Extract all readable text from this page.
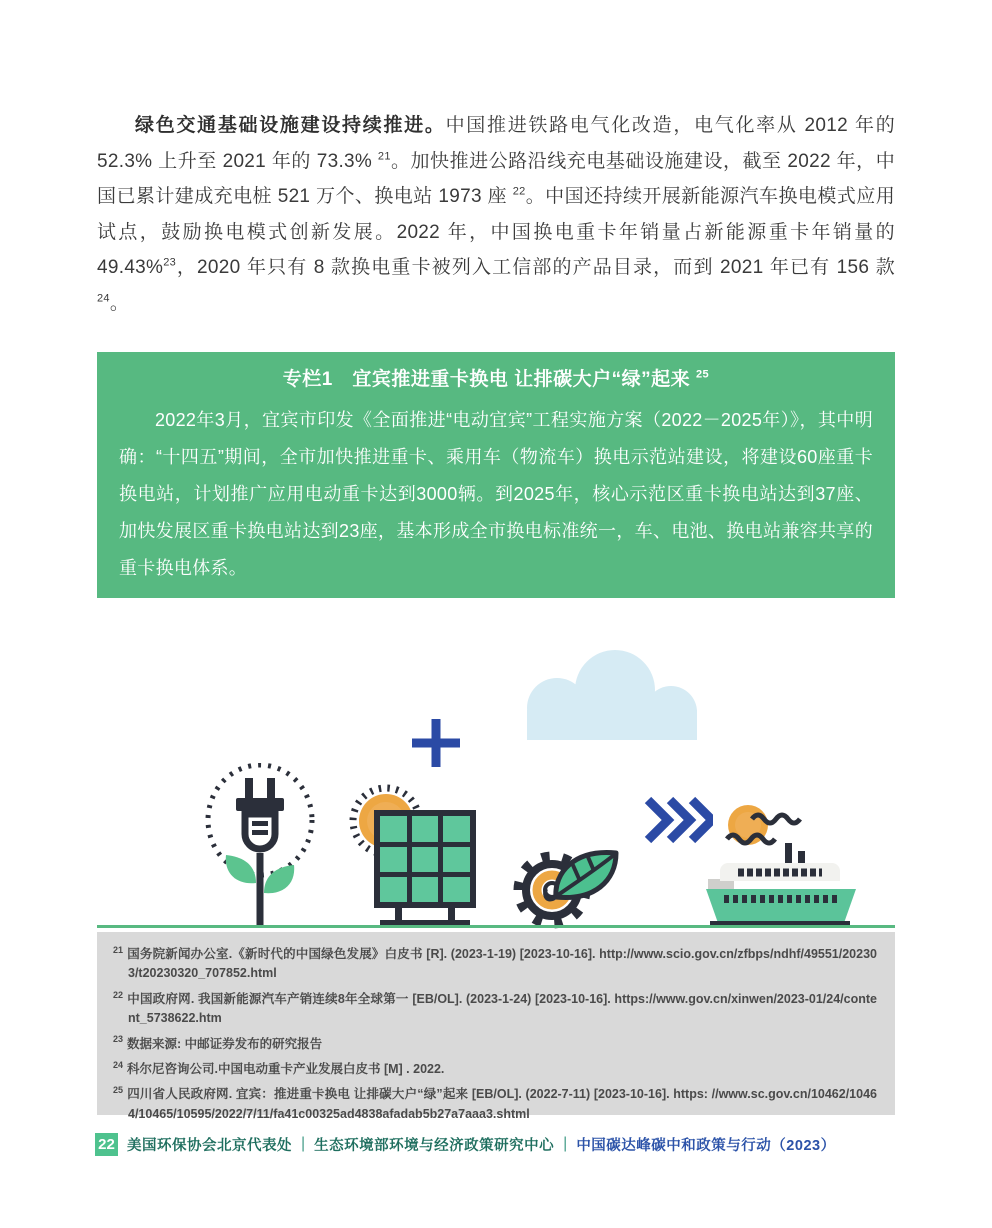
绿色交通基础设施建设持续推进。中国推进铁路电气化改造，电气化率从 2012 年的 52.3% 上升至 2021 年的 73.3% $^{21}$。加快推进公路沿线充电基础设施建设，截至 2022 年，中国已累计建成充电桩 521 万个、换电站 1973 座 $^{22}$。中国还持续开展新能源汽车换电模式应用试点，鼓励换电模式创新发展。2022 年，中国换电重卡年销量占新能源重卡年销量的 49.43%$^{23}$，2020 年只有 8 款换电重卡被列入工信部的产品目录，而到 2021 年已有 156 款$^{24}$。

专栏1　宜宾推进重卡换电 让排碳大户“绿”起来 $^{25}$

2022年3月，宜宾市印发《全面推进“电动宜宾”工程实施方案（2022－2025年）》，其中明确：“十四五”期间，全市加快推进重卡、乘用车（物流车）换电示范站建设，将建设60座重卡换电站，计划推广应用电动重卡达到3000辆。到2025年，核心示范区重卡换电站达到37座、加快发展区重卡换电站达到23座，基本形成全市换电标准统一，车、电池、换电站兼容共享的重卡换电体系。

$^{21}$ 国务院新闻办公室.《新时代的中国绿色发展》白皮书 [R]. (2023-1-19) [2023-10-16]. http://www.scio.gov.cn/zfbps/ndhf/49551/202303/t20230320_707852.html
$^{22}$ 中国政府网. 我国新能源汽车产销连续8年全球第一 [EB/OL]. (2023-1-24) [2023-10-16]. https://www.gov.cn/xinwen/2023-01/24/content_5738622.htm
$^{23}$ 数据来源: 中邮证券发布的研究报告
$^{24}$ 科尔尼咨询公司.中国电动重卡产业发展白皮书 [M] . 2022.
$^{25}$ 四川省人民政府网. 宜宾：推进重卡换电 让排碳大户“绿”起来 [EB/OL]. (2022-7-11) [2023-10-16]. https: //www.sc.gov.cn/10462/10464/10465/10595/2022/7/11/fa41c00325ad4838afadab5b27a7aaa3.shtml
22 美国环保协会北京代表处 | 生态环境部环境与经济政策研究中心 | 中国碳达峰碳中和政策与行动（2023）
